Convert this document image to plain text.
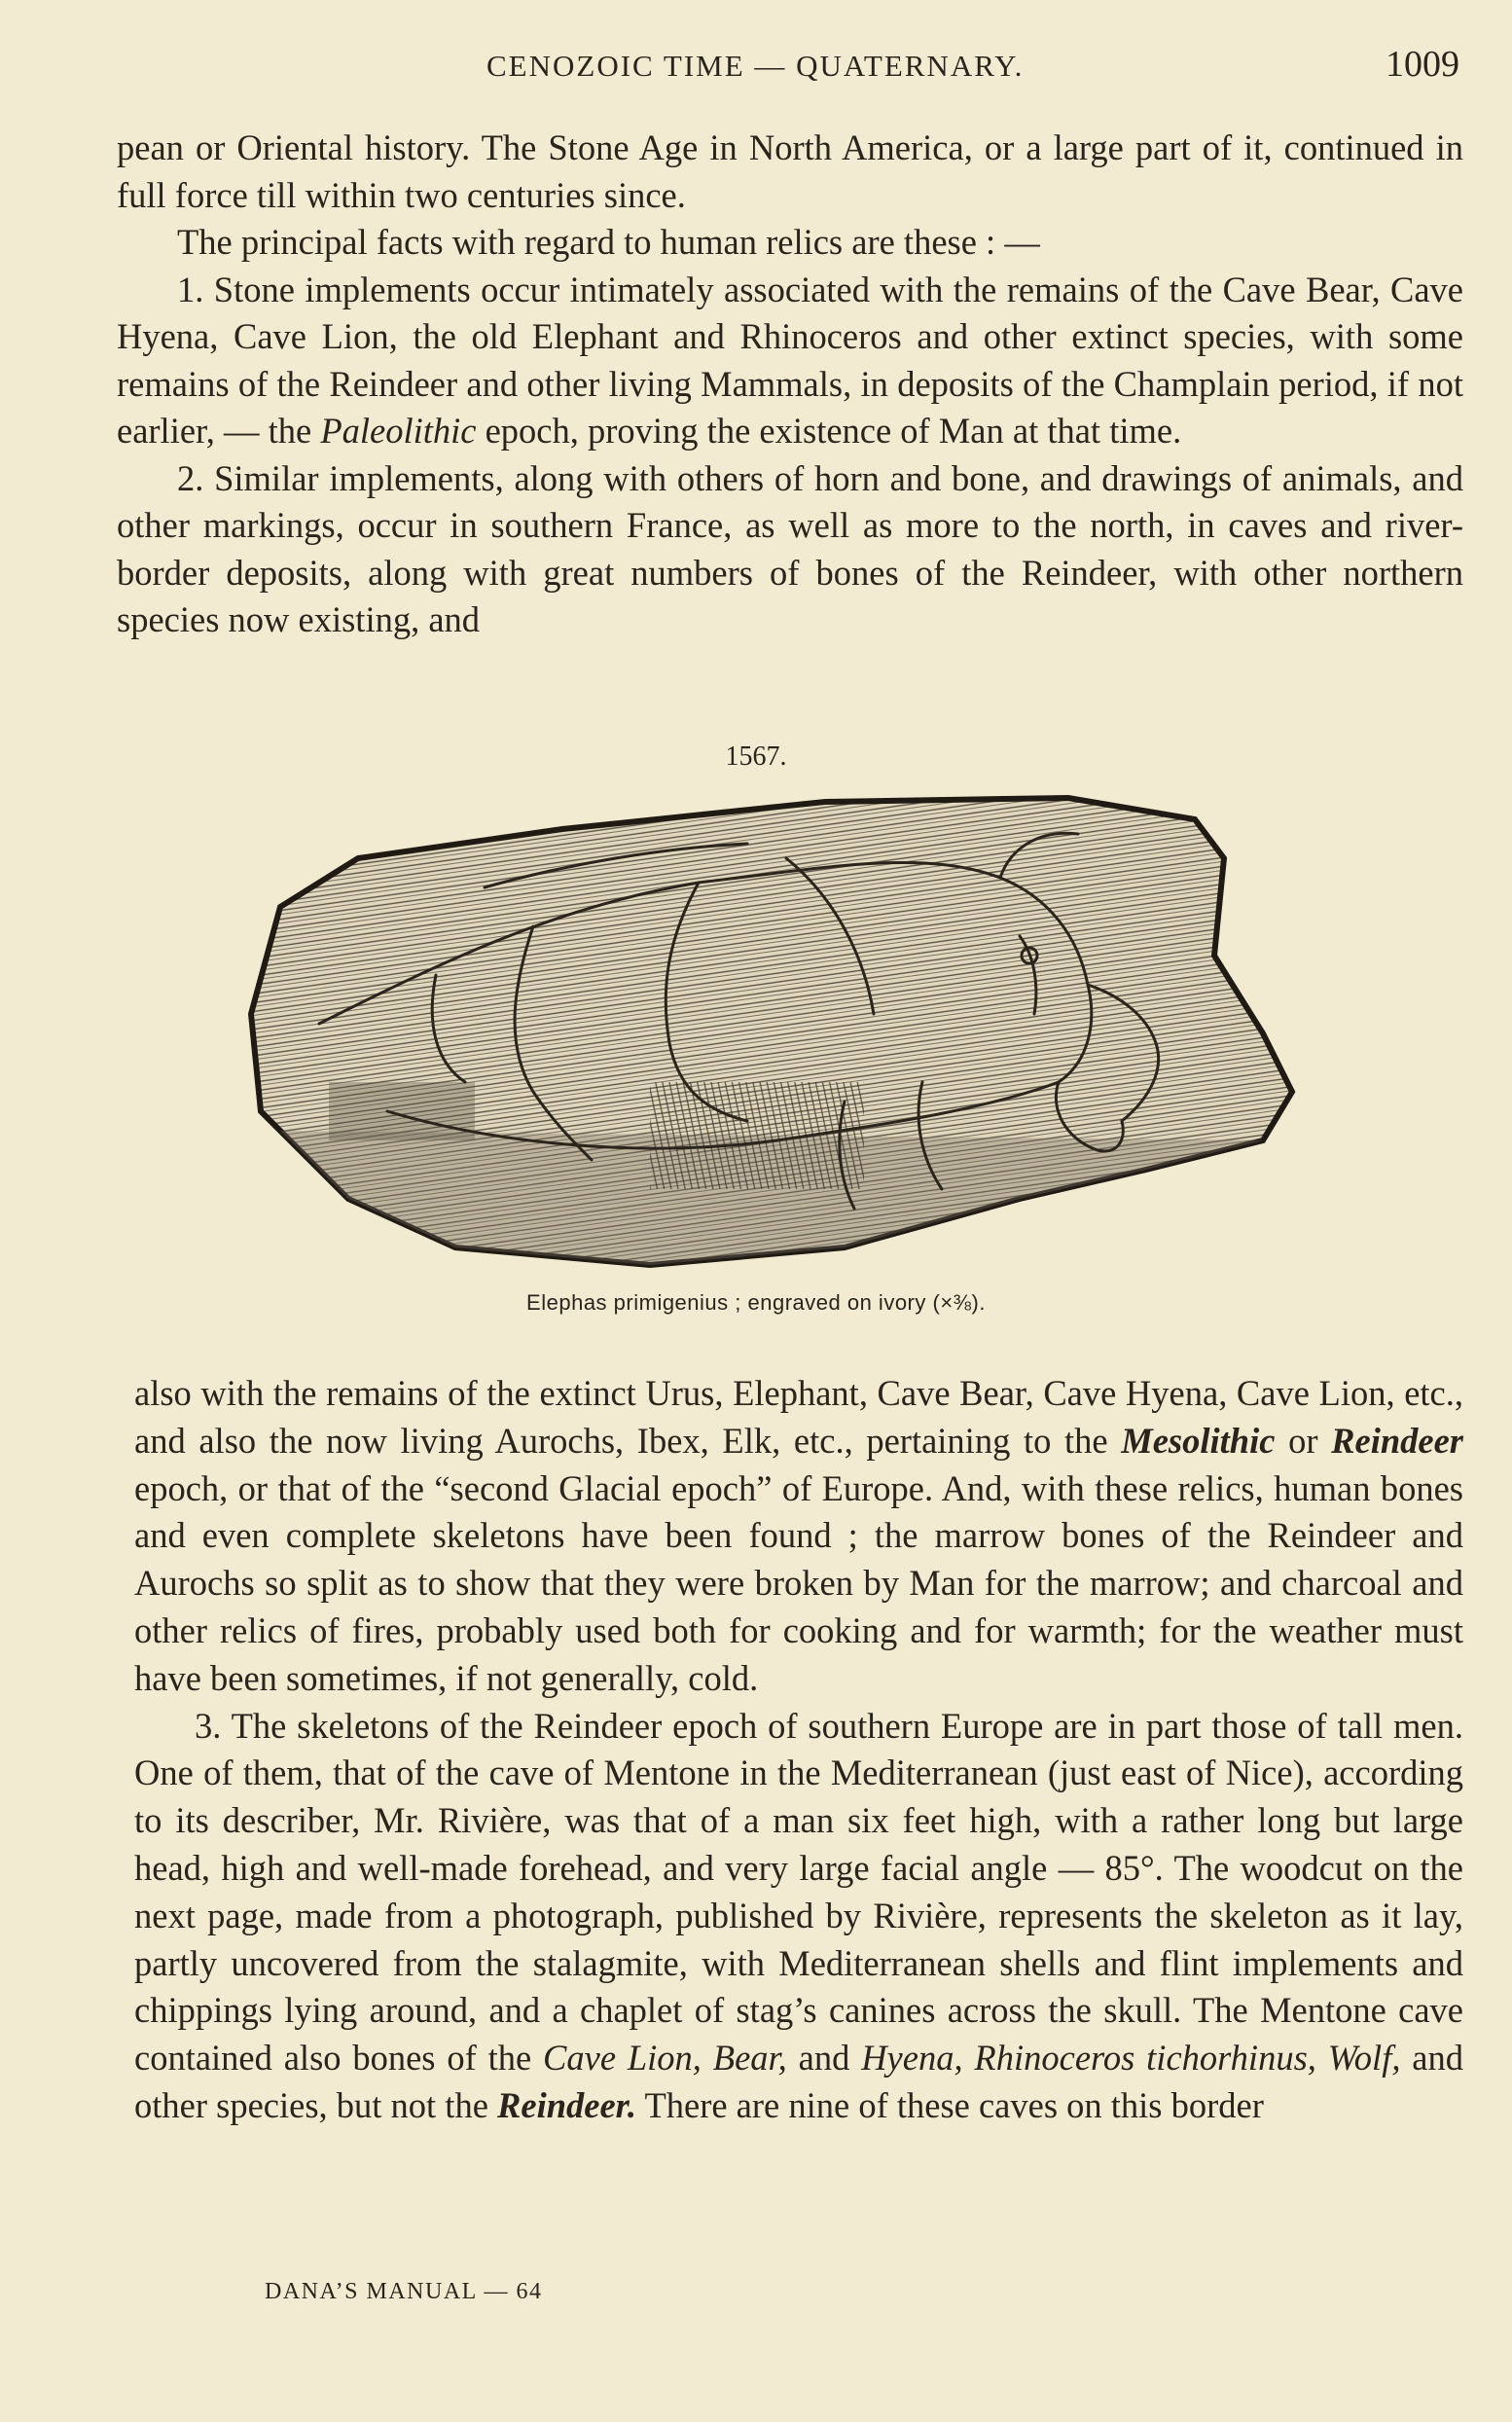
CENOZOIC TIME — QUATERNARY.	1009

pean or Oriental history. The Stone Age in North America, or a large part of it, continued in full force till within two centuries since.

The principal facts with regard to human relics are these : —

1. Stone implements occur intimately associated with the remains of the Cave Bear, Cave Hyena, Cave Lion, the old Elephant and Rhinoceros and other extinct species, with some remains of the Reindeer and other living Mammals, in deposits of the Champlain period, if not earlier, — the Paleolithic epoch, proving the existence of Man at that time.

2. Similar implements, along with others of horn and bone, and drawings of animals, and other markings, occur in southern France, as well as more to the north, in caves and river-border deposits, along with great numbers of bones of the Reindeer, with other northern species now existing, and

1567.
Elephas primigenius ; engraved on ivory (×⅜).

also with the remains of the extinct Urus, Elephant, Cave Bear, Cave Hyena, Cave Lion, etc., and also the now living Aurochs, Ibex, Elk, etc., pertaining to the Mesolithic or Reindeer epoch, or that of the “second Glacial epoch” of Europe. And, with these relics, human bones and even complete skeletons have been found ; the marrow bones of the Reindeer and Aurochs so split as to show that they were broken by Man for the marrow; and charcoal and other relics of fires, probably used both for cooking and for warmth; for the weather must have been sometimes, if not generally, cold.

3. The skeletons of the Reindeer epoch of southern Europe are in part those of tall men. One of them, that of the cave of Mentone in the Mediterranean (just east of Nice), according to its describer, Mr. Rivière, was that of a man six feet high, with a rather long but large head, high and well-made forehead, and very large facial angle — 85°. The woodcut on the next page, made from a photograph, published by Rivière, represents the skeleton as it lay, partly uncovered from the stalagmite, with Mediterranean shells and flint implements and chippings lying around, and a chaplet of stag’s canines across the skull. The Mentone cave contained also bones of the Cave Lion, Bear, and Hyena, Rhinoceros tichorhinus, Wolf, and other species, but not the Reindeer. There are nine of these caves on this border

DANA’S MANUAL — 64
